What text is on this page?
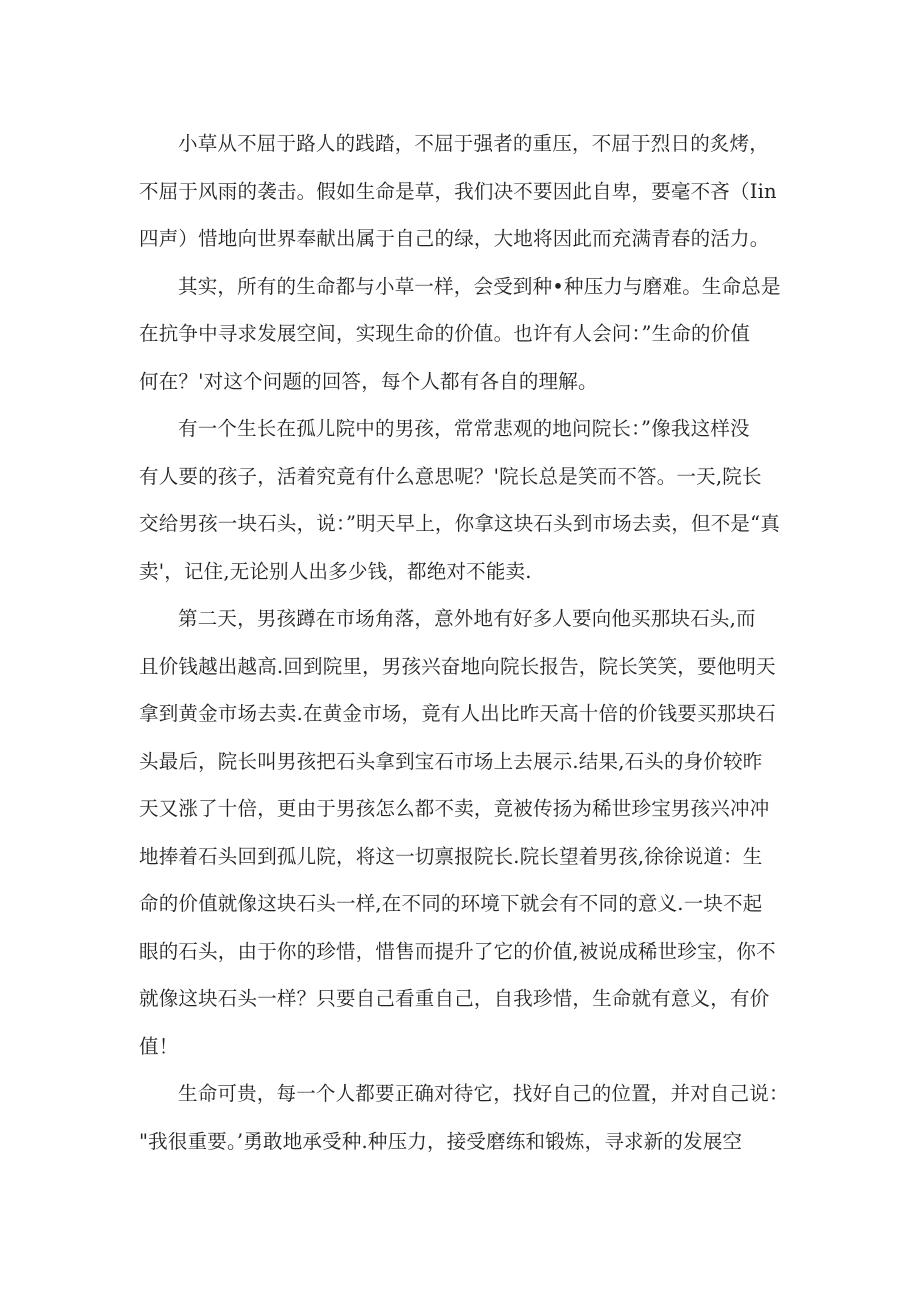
小草从不屈于路人的践踏，不屈于强者的重压，不屈于烈日的炙烤，
不屈于风雨的袭击。假如生命是草，我们决不要因此自卑，要毫不吝（Iin
四声）惜地向世界奉献出属于自己的绿，大地将因此而充满青春的活力。
其实，所有的生命都与小草一样，会受到种•种压力与磨难。生命总是
在抗争中寻求发展空间，实现生命的价值。也许有人会问：”生命的价值
何在？'对这个问题的回答，每个人都有各自的理解。
有一个生长在孤儿院中的男孩，常常悲观的地问院长：”像我这样没
有人要的孩子，活着究竟有什么意思呢？'院长总是笑而不答。一天,院长
交给男孩一块石头，说：”明天早上，你拿这块石头到市场去卖，但不是“真
卖'，记住,无论别人出多少钱，都绝对不能卖.
第二天，男孩蹲在市场角落，意外地有好多人要向他买那块石头,而
且价钱越出越高.回到院里，男孩兴奋地向院长报告，院长笑笑，要他明天
拿到黄金市场去卖.在黄金市场，竟有人出比昨天高十倍的价钱要买那块石
头最后，院长叫男孩把石头拿到宝石市场上去展示.结果,石头的身价较昨
天又涨了十倍，更由于男孩怎么都不卖，竟被传扬为稀世珍宝男孩兴冲冲
地捧着石头回到孤儿院，将这一切禀报院长.院长望着男孩,徐徐说道：生
命的价值就像这块石头一样,在不同的环境下就会有不同的意义.一块不起
眼的石头，由于你的珍惜，惜售而提升了它的价值,被说成稀世珍宝，你不
就像这块石头一样？只要自己看重自己，自我珍惜，生命就有意义，有价
值！
生命可贵，每一个人都要正确对待它，找好自己的位置，并对自己说：
"我很重要。’勇敢地承受种.种压力，接受磨练和锻炼，寻求新的发展空
